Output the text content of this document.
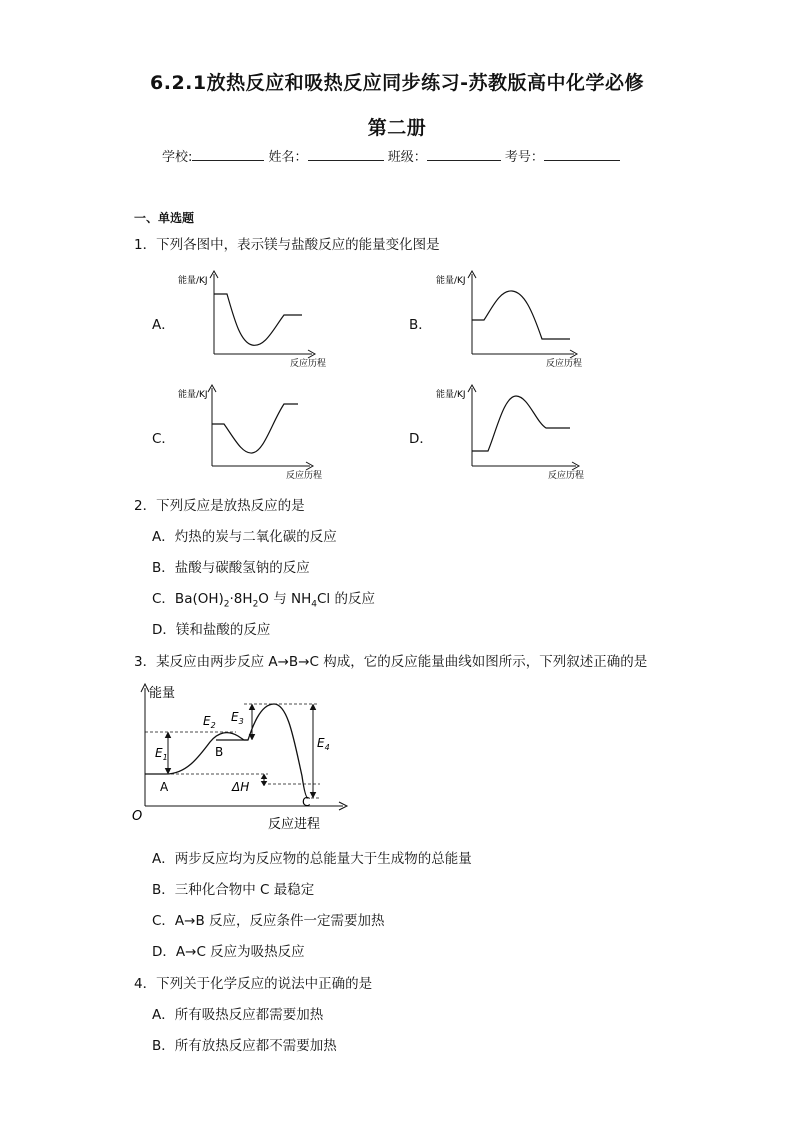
6.2.1放热反应和吸热反应同步练习-苏教版高中化学必修
第二册
学校:	姓名：	班级：	考号：
一、单选题
1．下列各图中，表示镁与盐酸反应的能量变化图是
A．	B．
C．	D．
能量/KJ
反应历程
能量/KJ
反应历程
能量/KJ
反应历程
能量/KJ
反应历程
2．下列反应是放热反应的是
A．灼热的炭与二氧化碳的反应
B．盐酸与碳酸氢钠的反应
C．$Ba(OH)_2\cdot 8H_2O$ 与 $NH_4Cl$ 的反应
D．镁和盐酸的反应
3．某反应由两步反应 A→B→C 构成，它的反应能量曲线如图所示，下列叙述正确的是
能量
O
反应进程
$E_1$
$E_2$
$E_3$
$E_4$
A
B
C
ΔH
A．两步反应均为反应物的总能量大于生成物的总能量
B．三种化合物中 C 最稳定
C．A→B 反应，反应条件一定需要加热
D．A→C 反应为吸热反应
4．下列关于化学反应的说法中正确的是
A．所有吸热反应都需要加热
B．所有放热反应都不需要加热
